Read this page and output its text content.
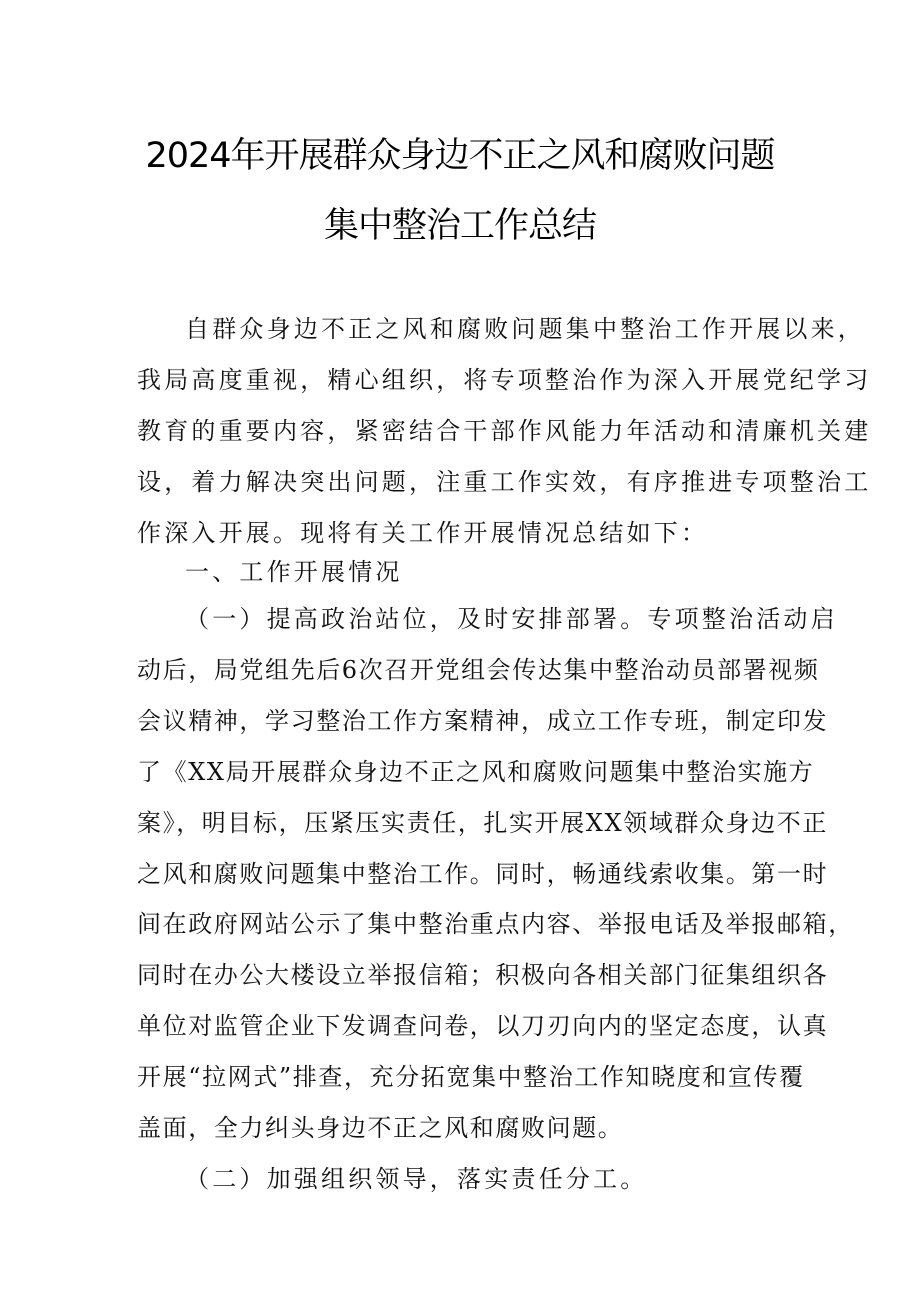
2024年开展群众身边不正之风和腐败问题
集中整治工作总结
自群众身边不正之风和腐败问题集中整治工作开展以来，
我局高度重视，精心组织，将专项整治作为深入开展党纪学习
教育的重要内容，紧密结合干部作风能力年活动和清廉机关建
设，着力解决突出问题，注重工作实效，有序推进专项整治工
作深入开展。现将有关工作开展情况总结如下：
一、工作开展情况
（一）提高政治站位，及时安排部署。专项整治活动启
动后，局党组先后6次召开党组会传达集中整治动员部署视频
会议精神，学习整治工作方案精神，成立工作专班，制定印发
了《XX局开展群众身边不正之风和腐败问题集中整治实施方
案》，明目标，压紧压实责任，扎实开展XX领域群众身边不正
之风和腐败问题集中整治工作。同时，畅通线索收集。第一时
间在政府网站公示了集中整治重点内容、举报电话及举报邮箱，
同时在办公大楼设立举报信箱；积极向各相关部门征集组织各
单位对监管企业下发调查问卷，以刀刃向内的坚定态度，认真
开展“拉网式”排查，充分拓宽集中整治工作知晓度和宣传覆
盖面，全力纠头身边不正之风和腐败问题。
（二）加强组织领导，落实责任分工。
